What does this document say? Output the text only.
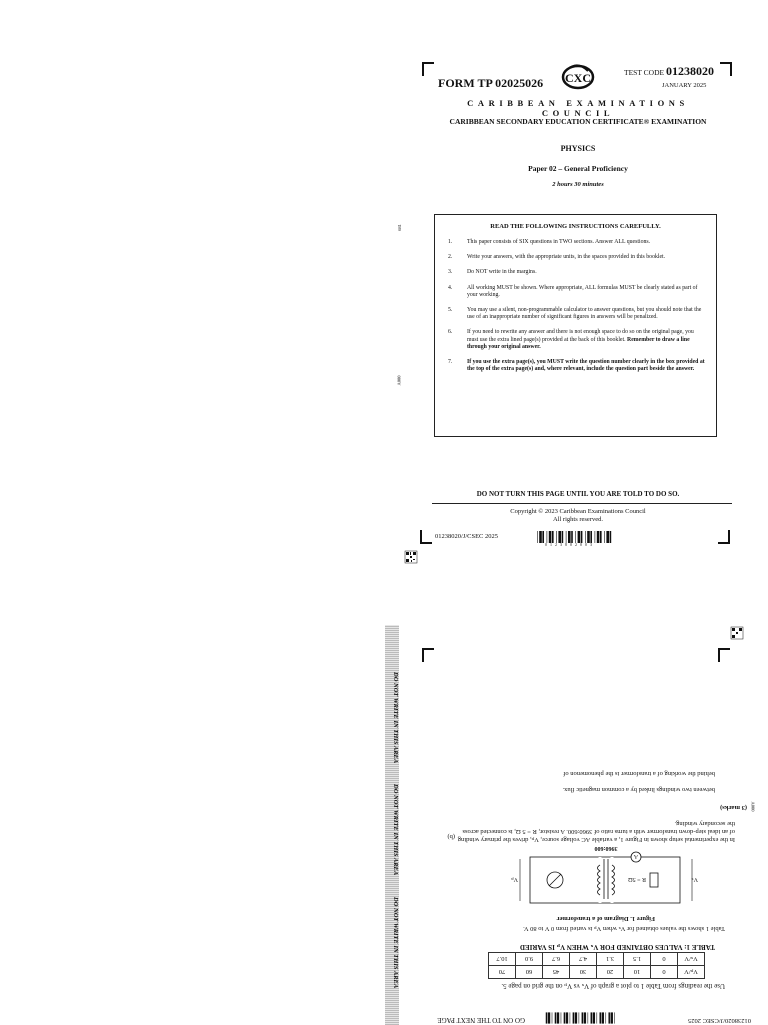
FORM TP 02025026 CXC	TEST CODE 01238020
JANUARY 2025
CARIBBEAN EXAMINATIONS COUNCIL
CARIBBEAN SECONDARY EDUCATION CERTIFICATE® EXAMINATION
PHYSICS
Paper 02 – General Proficiency
2 hours 30 minutes
681
A000
READ THE FOLLOWING INSTRUCTIONS CAREFULLY.
1.	This paper consists of SIX questions in TWO sections. Answer ALL questions.
2.	Write your answers, with the appropriate units, in the spaces provided in this booklet.
3.	Do NOT write in the margins.
4.	All working MUST be shown. Where appropriate, ALL formulas MUST be clearly stated as part of your working.
5.	You may use a silent, non-programmable calculator to answer questions, but you should note that the use of an inappropriate number of significant figures in answers will be penalized.
6.	If you need to rewrite any answer and there is not enough space to do so on the original page, you must use the extra lined page(s) provided at the back of this booklet. Remember to draw a line through your original answer.
7.	If you use the extra page(s), you MUST write the question number clearly in the box provided at the top of the extra page(s) and, where relevant, include the question part beside the answer.
DO NOT TURN THIS PAGE UNTIL YOU ARE TOLD TO DO SO.
Copyright © 2023 Caribbean Examinations Council
All rights reserved.
01238020/J/CSEC 2025
0 1 2 3 8 0 2 0 0 3
DO NOT WRITE IN THIS AREA DO NOT WRITE IN THIS AREA DO NOT WRITE IN THIS AREA
A000
GO ON TO THE NEXT PAGE	01238020/J/CSEC 2025
Use the readings from Table 1 to plot a graph of Vₛ vs Vₚ on the grid on page 5.
Vₚ/V	0	10	20	30	45	60	70
Vₛ/V	0	1.5	3.1	4.7	6.7	9.0	10.7
TABLE 1: VALUES OBTAINED FOR Vₛ WHEN Vₚ IS VARIED
Table 1 shows the values obtained for Vₛ when Vₚ is varied from 0 V to 80 V.
Figure 1. Diagram of a transformer
A
R = 5Ω
3960:600
Vₛ
Vₚ
(b) In the experimental setup shown in Figure 1, a variable AC voltage source, Vₚ, drives the primary winding of an ideal step-down transformer with a turns ratio of 3960:600. A resistor, R = 5 Ω, is connected across the secondary winding.
(3 marks)
between two windings linked by a common magnetic flux.
behind the working of a transformer is the phenomenon of
